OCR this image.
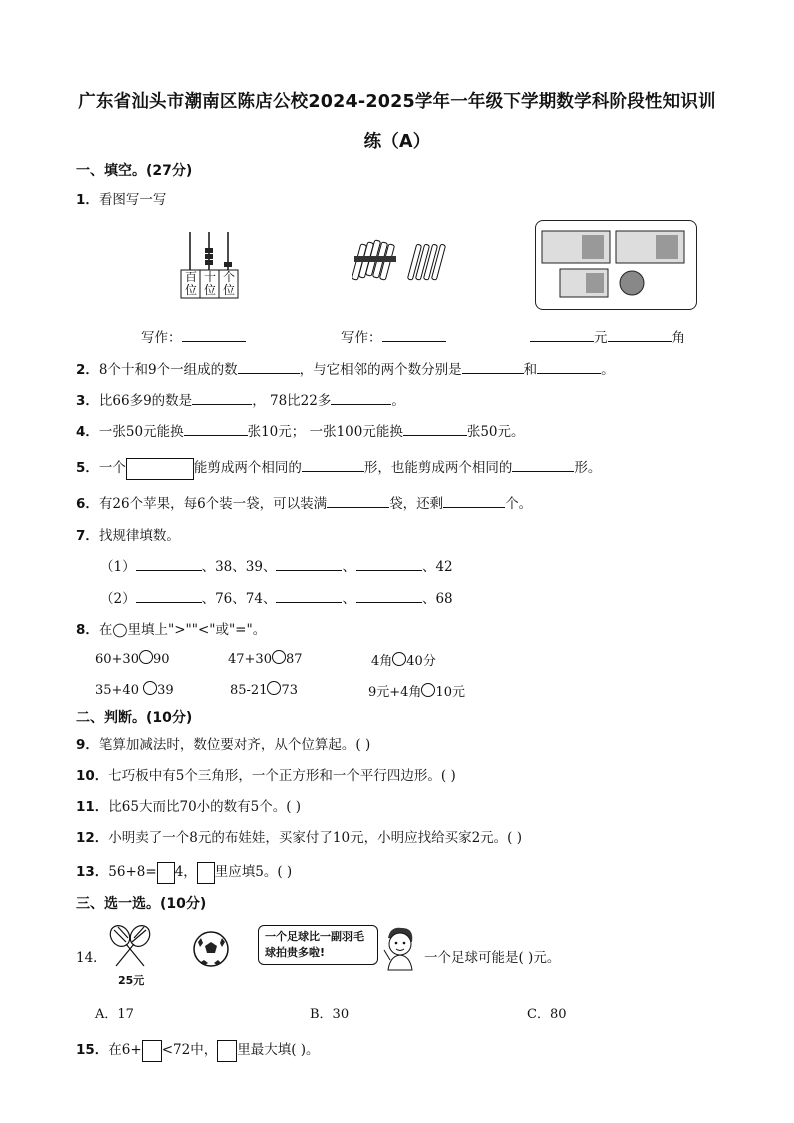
广东省汕头市潮南区陈店公校2024-2025学年一年级下学期数学科阶段性知识训
练（A）
一、填空。(27分)
1．看图写一写
百位
十位
个位
写作：	写作：	元	角
2．8个十和9个一组成的数	，与它相邻的两个数分别是	和	。
3．比66多9的数是	， 78比22多	。
4．一张50元能换	张10元； 一张100元能换	张50元。
5．一个	能剪成两个相同的	形，也能剪成两个相同的	形。
6．有26个苹果，每6个装一袋，可以装满	袋，还剩	个。
7．找规律填数。
（1）	、38、39、	、	、42
（2）	、76、74、	、	、68
8．在◯里填上">""<"或"="。
60+30 90	47+30 87	4角 40分
35+40 39	85-21 73	9元+4角 10元
二、判断。(10分)
9．笔算加减法时，数位要对齐，从个位算起。( )
10．七巧板中有5个三角形，一个正方形和一个平行四边形。( )
11．比65大而比70小的数有5个。( )
12．小明卖了一个8元的布娃娃，买家付了10元，小明应找给买家2元。( )
13．56+8= 4， 里应填5。( )
三、选一选。(10分)
14．
25元
一个足球比一副羽毛球拍贵多啦!	一个足球可能是( )元。
A．17	B．30	C．80
15．在6+ <72中， 里最大填( )。
